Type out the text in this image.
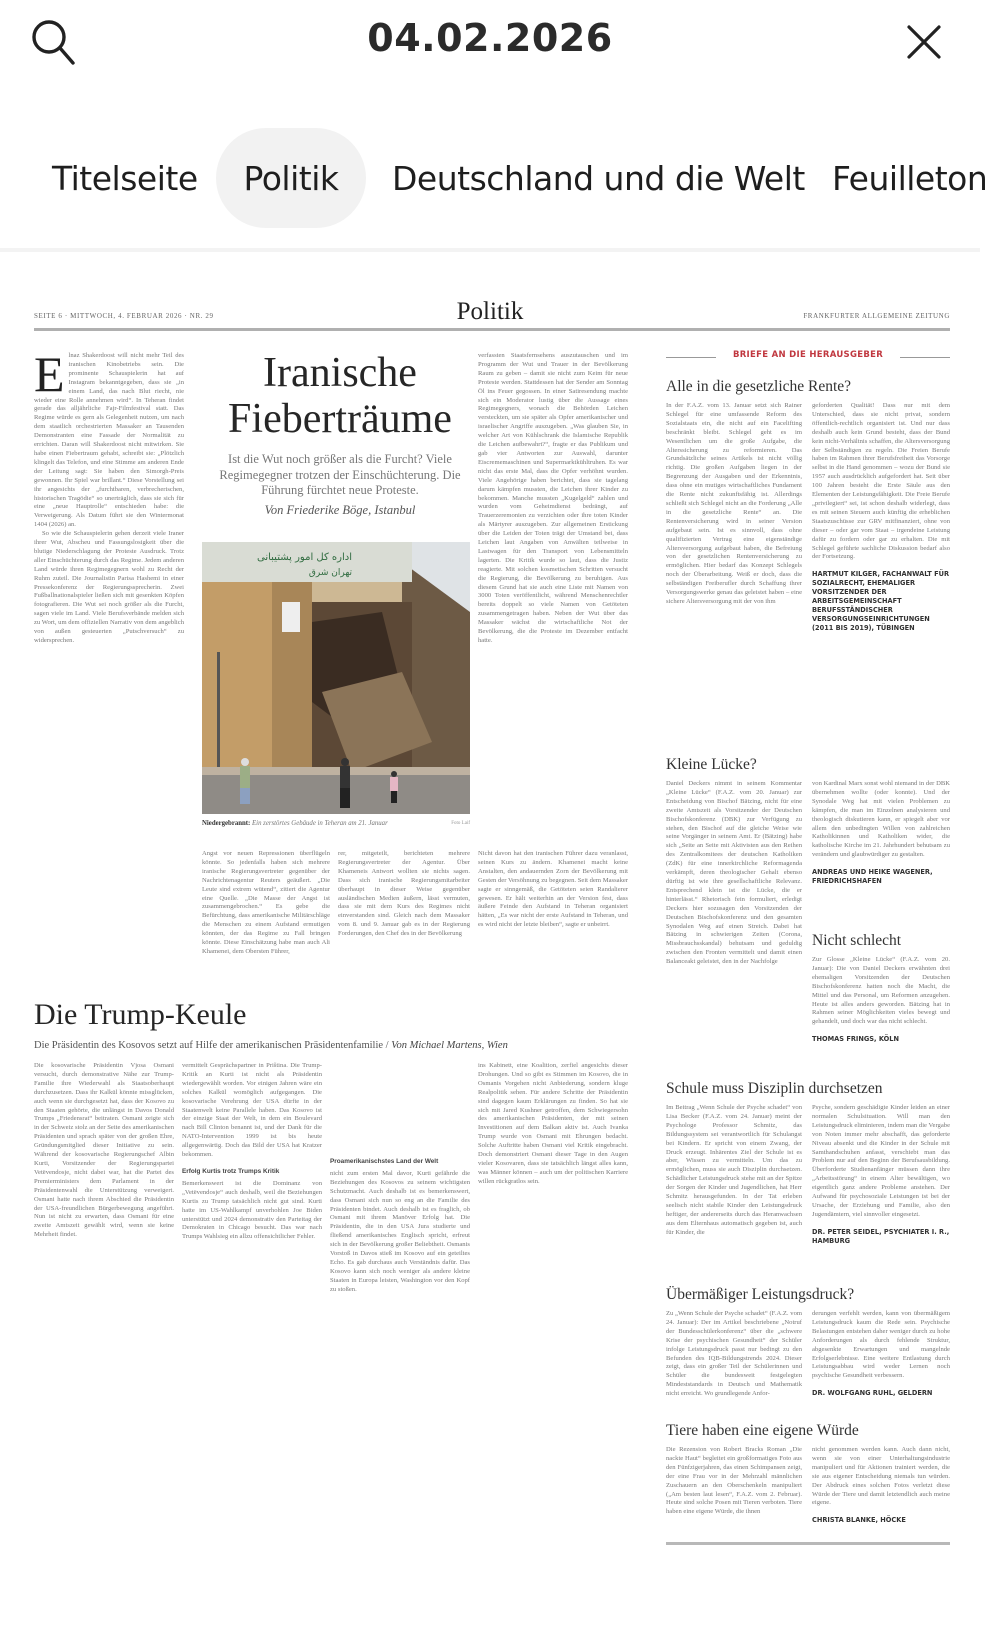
04.02.2026
Titelseite	Politik	Deutschland und die Welt Feuilleton
SEITE 6 · MITTWOCH, 4. FEBRUAR 2026 · NR. 29	Politik	FRANKFURTER ALLGEMEINE ZEITUNG

Elnaz Shakerdoost will nicht mehr Teil des iranischen Kinobetriebs sein. Die prominente Schauspielerin hat auf Instagram bekanntgegeben, dass sie „in einem Land, das nach Blut riecht, nie wieder eine Rolle annehmen wird“. In Teheran findet gerade das alljährliche Fajr-Filmfestival statt. Das Regime würde es gern als Gelegenheit nutzen, um nach dem staatlich orchestrierten Massaker an Tausenden Demonstranten eine Fassade der Normalität zu errichten. Daran will Shakerdoost nicht mitwirken. Sie habe einen Fiebertraum gehabt, schreibt sie: „Plötzlich klingelt das Telefon, und eine Stimme am anderen Ende der Leitung sagt: Sie haben den Simorgh-Preis gewonnen. Ihr Spiel war brillant.“ Diese Vorstellung sei ihr angesichts der „furchtbaren, verbrecherischen, historischen Tragödie“ so unerträglich, dass sie sich für eine „neue Hauptrolle“ entschieden habe: die Verweigerung. Als Datum führt sie den Wintermonat 1404 (2026) an.

So wie die Schauspielerin gehen derzeit viele Iraner ihrer Wut, Abscheu und Fassungslosigkeit über die blutige Niederschlagung der Proteste Ausdruck. Trotz aller Einschüchterung durch das Regime. Jedem anderen Land würde ihren Regimegegnern wohl zu Recht der Ruhm zuteil. Die Journalistin Parisa Hashemi in einer Pressekonferenz der Regierungssprecherin. Zwei Fußballnationalspieler ließen sich mit gesenkten Köpfen fotografieren. Die Wut sei noch größer als die Furcht, sagen viele im Land. Viele Berufsverbände melden sich zu Wort, um dem offiziellen Narrativ von dem angeblich von außen gesteuerten „Putschversuch“ zu widersprechen.

Iranische
Fieberträume
Ist die Wut noch größer als die Furcht? Viele Regimegegner trotzen der Einschüchterung. Die Führung fürchtet neue Proteste.
Von Friederike Böge, Istanbul
اداره کل امور پشتیبانی
تهران شرق
Niedergebrannt: Ein zerstörtes Gebäude in Teheran am 21. Januar	Foto Laif

verfassten Staatsfernsehens auszutauschen und im Programm der Wut und Trauer in der Bevölkerung Raum zu geben – damit sie nicht zum Keim für neue Proteste werden. Stattdessen hat der Sender am Sonntag Öl ins Feuer gegossen. In einer Satiresendung machte sich ein Moderator lustig über die Aussage eines Regimegegners, wonach die Behörden Leichen versteckten, um sie später als Opfer amerikanischer und israelischer Angriffe auszugeben. „Was glauben Sie, in welcher Art von Kühlschrank die Islamische Republik die Leichen aufbewahrt?“, fragte er das Publikum und gab vier Antworten zur Auswahl, darunter Eiscrememaschinen und Supermarktkühltruhen. Es war nicht das erste Mal, dass die Opfer verhöhnt wurden. Viele Angehörige haben berichtet, dass sie tagelang darum kämpfen mussten, die Leichen ihrer Kinder zu bekommen. Manche mussten „Kugelgeld“ zahlen und wurden vom Geheimdienst bedrängt, auf Trauerzeremonien zu verzichten oder ihre toten Kinder als Märtyrer auszugeben. Zur allgemeinen Erstickung über die Leiden der Toten trägt der Umstand bei, dass Leichen laut Angaben von Anwälten teilweise in Lastwagen für den Transport von Lebensmitteln lagerten. Die Kritik wurde so laut, dass die Justiz reagierte. Mit solchen kosmetischen Schritten versucht die Regierung, die Bevölkerung zu beruhigen. Aus diesem Grund hat sie auch eine Liste mit Namen von 3000 Toten veröffentlicht, während Menschenrechtler bereits doppelt so viele Namen von Getöteten zusammengetragen haben. Neben der Wut über das Massaker wächst die wirtschaftliche Not der Bevölkerung, die die Proteste im Dezember entfacht hatte.

Angst vor neuen Repressionen überflügeln könnte. So jedenfalls haben sich mehrere iranische Regierungsvertreter gegenüber der Nachrichtenagentur Reuters geäußert. „Die Leute sind extrem wütend“, zitiert die Agentur eine Quelle. „Die Masse der Angst ist zusammengebrochen.“ Es gebe die Befürchtung, dass amerikanische Militärschläge die Menschen zu einem Aufstand ermutigen könnten, der das Regime zu Fall bringen könnte. Diese Einschätzung habe man auch Ali Khamenei, dem Obersten Führer,

rer, mitgeteilt, berichteten mehrere Regierungsvertreter der Agentur. Über Khameneis Antwort wollten sie nichts sagen. Dass sich iranische Regierungsmitarbeiter überhaupt in dieser Weise gegenüber ausländischen Medien äußern, lässt vermuten, dass sie mit dem Kurs des Regimes nicht einverstanden sind. Gleich nach dem Massaker vom 8. und 9. Januar gab es in der Regierung Forderungen, den Chef des in der Bevölkerung

Nicht davon hat den iranischen Führer dazu veranlasst, seinen Kurs zu ändern. Khamenei macht keine Anstalten, den andauernden Zorn der Bevölkerung mit Gesten der Versöhnung zu begegnen. Seit dem Massaker sagte er sinngemäß, die Getöteten seien Randalierer gewesen. Er hält weiterhin an der Version fest, dass äußere Feinde den Aufstand in Teheran organisiert hätten, „Es war nicht der erste Aufstand in Teheran, und es wird nicht der letzte bleiben“, sagte er unbeirrt.

Die Trump-Keule
Die Präsidentin des Kosovos setzt auf Hilfe der amerikanischen Präsidentenfamilie / Von Michael Martens, Wien

Die kosovarische Präsidentin Vjosa Osmani versucht, durch demonstrative Nähe zur Trump-Familie ihre Wiederwahl als Staatsoberhaupt durchzusetzen. Dass ihr Kalkül könnte missglücken, auch wenn sie durchgesetzt hat, dass der Kosovo zu den Staaten gehörte, die unlängst in Davos Donald Trumps „Friedensrat“ beitraten. Osmani zeigte sich in der Schweiz stolz an der Seite des amerikanischen Präsidenten und sprach später von der großen Ehre, Gründungsmitglied dieser Initiative zu sein. Während der kosovarische Regierungschef Albin Kurti, Vorsitzender der Regierungspartei Vetëvendosje, nicht dabei war, hat die Partei des Premierministers dem Parlament in der Präsidentenwahl die Unterstützung verweigert. Osmani hatte nach ihrem Abschied die Präsidentin der USA-freundlichen Bürgerbewegung angeführt. Nun ist nicht zu erwarten, dass Osmani für eine zweite Amtszeit gewählt wird, wenn sie keine Mehrheit findet.

vermittelt Gesprächspartner in Priština. Die Trump-Kritik an Kurti ist nicht als Präsidentin wiedergewählt worden. Vor einigen Jahren wäre ein solches Kalkül womöglich aufgegangen. Die kosovarische Verehrung der USA dürfte in der Staatenwelt keine Parallele haben. Das Kosovo ist der einzige Staat der Welt, in dem ein Boulevard nach Bill Clinton benannt ist, und der Dank für die NATO-Intervention 1999 ist bis heute allgegenwärtig. Doch das Bild der USA hat Kratzer bekommen.

Erfolg Kurtis trotz Trumps Kritik

Bemerkenswert ist die Dominanz von „Vetëvendosje“ auch deshalb, weil die Beziehungen Kurtis zu Trump tatsächlich nicht gut sind. Kurti hatte im US-Wahlkampf unverhohlen Joe Biden unterstützt und 2024 demonstrativ den Parteitag der Demokraten in Chicago besucht. Das war nach Trumps Wahlsieg ein allzu offensichtlicher Fehler.

Proamerikanischstes Land der Welt

nicht zum ersten Mal davor, Kurti gefährde die Beziehungen des Kosovos zu seinem wichtigsten Schutzmacht. Auch deshalb ist es bemerkenswert, dass Osmani sich nun so eng an die Familie des Präsidenten bindet. Auch deshalb ist es fraglich, ob Osmani mit ihrem Manöver Erfolg hat. Die Präsidentin, die in den USA Jura studierte und fließend amerikanisches Englisch spricht, erfreut sich in der Bevölkerung großer Beliebtheit. Osmanis Vorstoß in Davos stieß im Kosovo auf ein geteiltes Echo. Es gab durchaus auch Verständnis dafür. Das Kosovo kann sich noch weniger als andere kleine Staaten in Europa leisten, Washington vor den Kopf zu stoßen.

ins Kabinett, eine Koalition, zerfiel angesichts dieser Drohungen. Und so gibt es Stimmen im Kosovo, die in Osmanis Vorgehen nicht Anbiederung, sondern kluge Realpolitik sehen. Für andere Schritte der Präsidentin sind dagegen kaum Erklärungen zu finden. So hat sie sich mit Jared Kushner getroffen, dem Schwiegersohn des amerikanischen Präsidenten, der mit seinen Investitionen auf dem Balkan aktiv ist. Auch Ivanka Trump wurde von Osmani mit Ehrungen bedacht. Solche Auftritte haben Osmani viel Kritik eingebracht. Doch demonstriert Osmani dieser Tage in den Augen vieler Kosovaren, dass sie tatsächlich längst alles kann, was Männer können – auch um der politischen Karriere willen rückgratlos sein.

BRIEFE AN DIE HERAUSGEBER
Alle in die gesetzliche Rente?

In der F.A.Z. vom 13. Januar setzt sich Rainer Schlegel für eine umfassende Reform des Sozialstaats ein, die nicht auf ein Facelifting beschränkt bleibt. Schlegel geht es im Wesentlichen um die große Aufgabe, die Alterssicherung zu reformieren. Das Grundsätzliche seines Artikels ist nicht völlig richtig. Die großen Aufgaben liegen in der Begrenzung der Ausgaben und der Erkenntnis, dass ohne ein mutiges wirtschaftliches Fundament die Rente nicht zukunftsfähig ist. Allerdings schließt sich Schlegel nicht an die Forderung „Alle in die gesetzliche Rente“ an. Die Rentenversicherung wird in seiner Version aufgebaut sein. Ist es sinnvoll, dass ohne qualifizierten Vertrag eine eigenständige Altersversorgung aufgebaut haben, die Befreiung von der gesetzlichen Rentenversicherung zu ermöglichen. Hier bedarf das Konzept Schlegels noch der Überarbeitung. Weiß er doch, dass die selbständigen Freiberufler durch Schaffung ihrer Versorgungswerke genau das geleistet haben – eine sichere Altersversorgung mit der von ihm

geforderten Qualität! Dass nur mit dem Unterschied, dass sie nicht privat, sondern öffentlich-rechtlich organisiert ist. Und nur dass deshalb auch kein Grund besteht, dass der Bund kein nicht-Verhältnis schaffen, die Altersversorgung der Selbständigen zu regeln. Die Freien Berufe haben im Rahmen ihrer Berufsfreiheit das Vorsorge selbst in die Hand genommen – wozu der Bund sie 1957 auch ausdrücklich aufgefordert hat. Seit über 100 Jahren besteht die Erste Säule aus den Elementen der Leistungsfähigkeit. Die Freie Berufe „privilegiert“ sei, ist schon deshalb widerlegt, dass es mit seinen Steuern auch künftig die erheblichen Staatszuschüsse zur GRV mitfinanziert, ohne von dieser – oder gar vom Staat – irgendeine Leistung dafür zu fordern oder gar zu erhalten. Die mit Schlegel geführte sachliche Diskussion bedarf also der Fortsetzung.

HARTMUT KILGER, FACHANWALT FÜR SOZIALRECHT, EHEMALIGER VORSITZENDER DER ARBEITSGEMEINSCHAFT BERUFSSTÄNDISCHER VERSORGUNGSEINRICHTUNGEN (2011 BIS 2019), TÜBINGEN

Kleine Lücke?

Daniel Deckers nimmt in seinem Kommentar „Kleine Lücke“ (F.A.Z. vom 20. Januar) zur Entscheidung von Bischof Bätzing, nicht für eine zweite Amtszeit als Vorsitzender der Deutschen Bischofskonferenz (DBK) zur Verfügung zu stehen, den Bischof auf die gleiche Weise wie seine Vorgänger in seinem Amt. Er (Bätzing) habe sich „Seite an Seite mit Aktivisten aus den Reihen des Zentralkomitees der deutschen Katholiken (ZdK) für eine innerkirchliche Reformagenda verkämpft, deren theologischer Gehalt ebenso dürftig ist wie ihre gesellschaftliche Relevanz. Entsprechend klein ist die Lücke, die er hinterlässt.“ Rhetorisch fein formuliert, erledigt Deckers hier sozusagen den Vorsitzenden der Deutschen Bischofskonferenz und den gesamten Synodalen Weg auf einen Streich. Dabei hat Bätzing in schwierigen Zeiten (Corona, Missbrauchsskandal) behutsam und geduldig zwischen den Fronten vermittelt und damit einen Balanceakt geleistet, den in der Nachfolge

von Kardinal Marx sonst wohl niemand in der DBK übernehmen wollte (oder konnte). Und der Synodale Weg hat mit vielen Problemen zu kämpfen, die man im Einzelnen analysieren und theologisch diskutieren kann, er spiegelt aber vor allem den unbedingten Willen von zahlreichen Katholikinnen und Katholiken wider, die katholische Kirche im 21. Jahrhundert behutsam zu verändern und glaubwürdiger zu gestalten.

ANDREAS UND HEIKE WAGENER, FRIEDRICHSHAFEN

Nicht schlecht

Zur Glosse „Kleine Lücke“ (F.A.Z. vom 20. Januar): Die von Daniel Deckers erwähnten drei ehemaligen Vorsitzenden der Deutschen Bischofskonferenz hatten noch die Macht, die Mittel und das Personal, um Reformen anzugehen. Heute ist alles anders geworden. Bätzing hat in Rahmen seiner Möglichkeiten vieles bewegt und gehandelt, und doch war das nicht schlecht.

THOMAS FRINGS, KÖLN

Schule muss Disziplin durchsetzen

Im Beitrag „Wenn Schule der Psyche schadet“ von Lisa Becker (F.A.Z. vom 24. Januar) meint der Psychologe Professor Schmitz, das Bildungssystem sei verantwortlich für Schulangst bei Kindern. Er spricht von einem Zwang, der Druck erzeugt. Inhärentes Ziel der Schule ist es aber, Wissen zu vermitteln. Um das zu ermöglichen, muss sie auch Disziplin durchsetzen. Schädlicher Leistungsdruck stehe mit an der Spitze der Sorgen der Kinder und Jugendlichen, hat Herr Schmitz herausgefunden. In der Tat erleben seelisch nicht stabile Kinder den Leistungsdruck heftiger, der andererseits durch das Heranwachsen aus dem Elternhaus automatisch gegeben ist, auch für Kinder, die

Psyche, sondern geschädigte Kinder leiden an einer normalen Schulsituation. Will man den Leistungsdruck eliminieren, indem man die Vergabe von Noten immer mehr abschafft, das geforderte Niveau absenkt und die Kinder in der Schule mit Samthandschuhen anfasst, verschiebt man das Problem nur auf den Beginn der Berufsausbildung. Überforderte Studienanfänger müssen dann ihre „Arbeitsstörung“ in einem Alter bewältigen, wo eigentlich ganz andere Probleme anstehen. Der Aufwand für psychosoziale Leistungen ist bei der Ursache, der Erziehung und Familie, also den Jugendämtern, viel sinnvoller eingesetzt.

DR. PETER SEIDEL, PSYCHIATER I. R., HAMBURG

Übermäßiger Leistungsdruck?

Zu „Wenn Schule der Psyche schadet“ (F.A.Z. vom 24. Januar): Der im Artikel beschriebene „Notruf der Bundesschülerkonferenz“ über die „schwere Krise der psychischen Gesundheit“ der Schüler infolge Leistungsdruck passt nur bedingt zu den Befunden des IQB-Bildungstrends 2024. Dieser zeigt, dass ein großer Teil der Schülerinnen und Schüler die bundesweit festgelegten Mindeststandards in Deutsch und Mathematik nicht erreicht. Wo grundlegende Anfor-

derungen verfehlt werden, kann von übermäßigem Leistungsdruck kaum die Rede sein. Psychische Belastungen entstehen daher weniger durch zu hohe Anforderungen als durch fehlende Struktur, abgesenkte Erwartungen und mangelnde Erfolgserlebnisse. Eine weitere Entlastung durch Leistungsabbau wird weder Lernen noch psychische Gesundheit verbessern.

DR. WOLFGANG RUHL, GELDERN

Tiere haben eine eigene Würde

Die Rezension von Robert Bracks Roman „Die nackte Haut“ begleitet ein großformatiges Foto aus den Fünfzigerjahren, das einen Schimpansen zeigt, der eine Frau vor in der Mehrzahl männlichen Zuschauern an den Oberschenkeln manipuliert („Am besten laut lesen“, F.A.Z. vom 2. Februar). Heute sind solche Posen mit Tieren verboten. Tiere haben eine eigene Würde, die ihnen

nicht genommen werden kann. Auch dann nicht, wenn sie von einer Unterhaltungsindustrie manipuliert und für Aktionen trainiert werden, die sie aus eigener Entscheidung niemals tun würden. Der Abdruck eines solchen Fotos verletzt diese Würde der Tiere und damit letztendlich auch meine eigene.

CHRISTA BLANKE, HÖCKE
